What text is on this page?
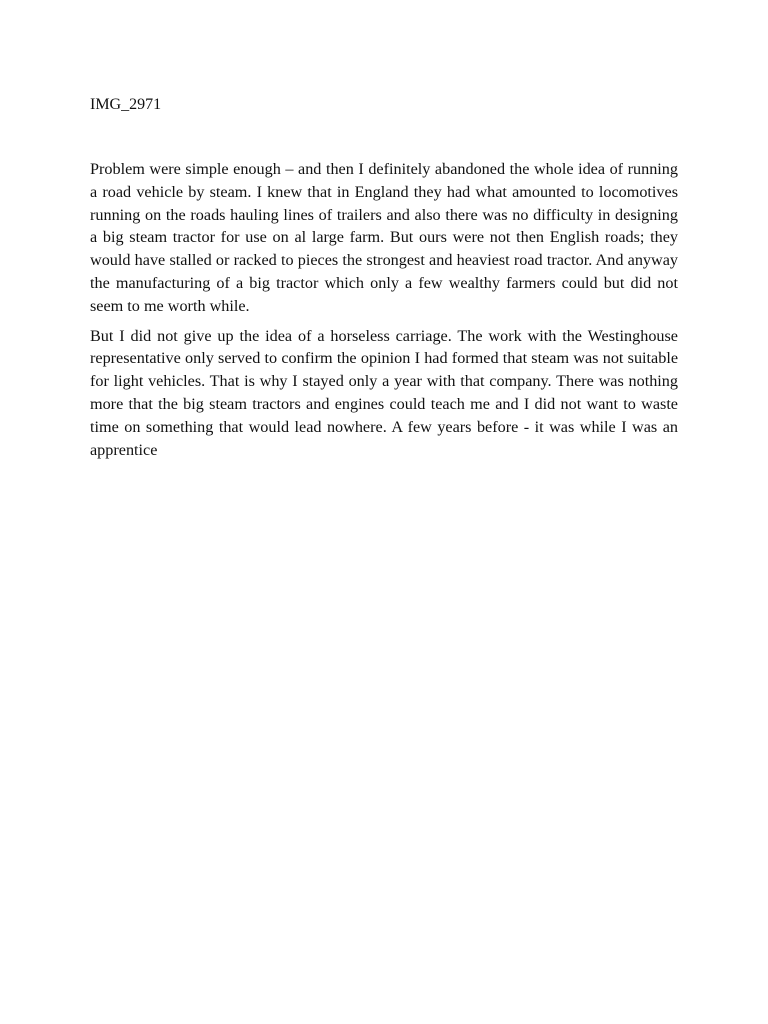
IMG_2971

Problem were simple enough – and then I definitely abandoned the whole idea of running a road vehicle by steam. I knew that in England they had what amounted to locomotives running on the roads hauling lines of trailers and also there was no difficulty in designing a big steam tractor for use on al large farm. But ours were not then English roads; they would have stalled or racked to pieces the strongest and heaviest road tractor. And anyway the manufacturing of a big tractor which only a few wealthy farmers could but did not seem to me worth while.

But I did not give up the idea of a horseless carriage. The work with the Westinghouse representative only served to confirm the opinion I had formed that steam was not suitable for light vehicles. That is why I stayed only a year with that company. There was nothing more that the big steam tractors and engines could teach me and I did not want to waste time on something that would lead nowhere. A few years before - it was while I was an apprentice
